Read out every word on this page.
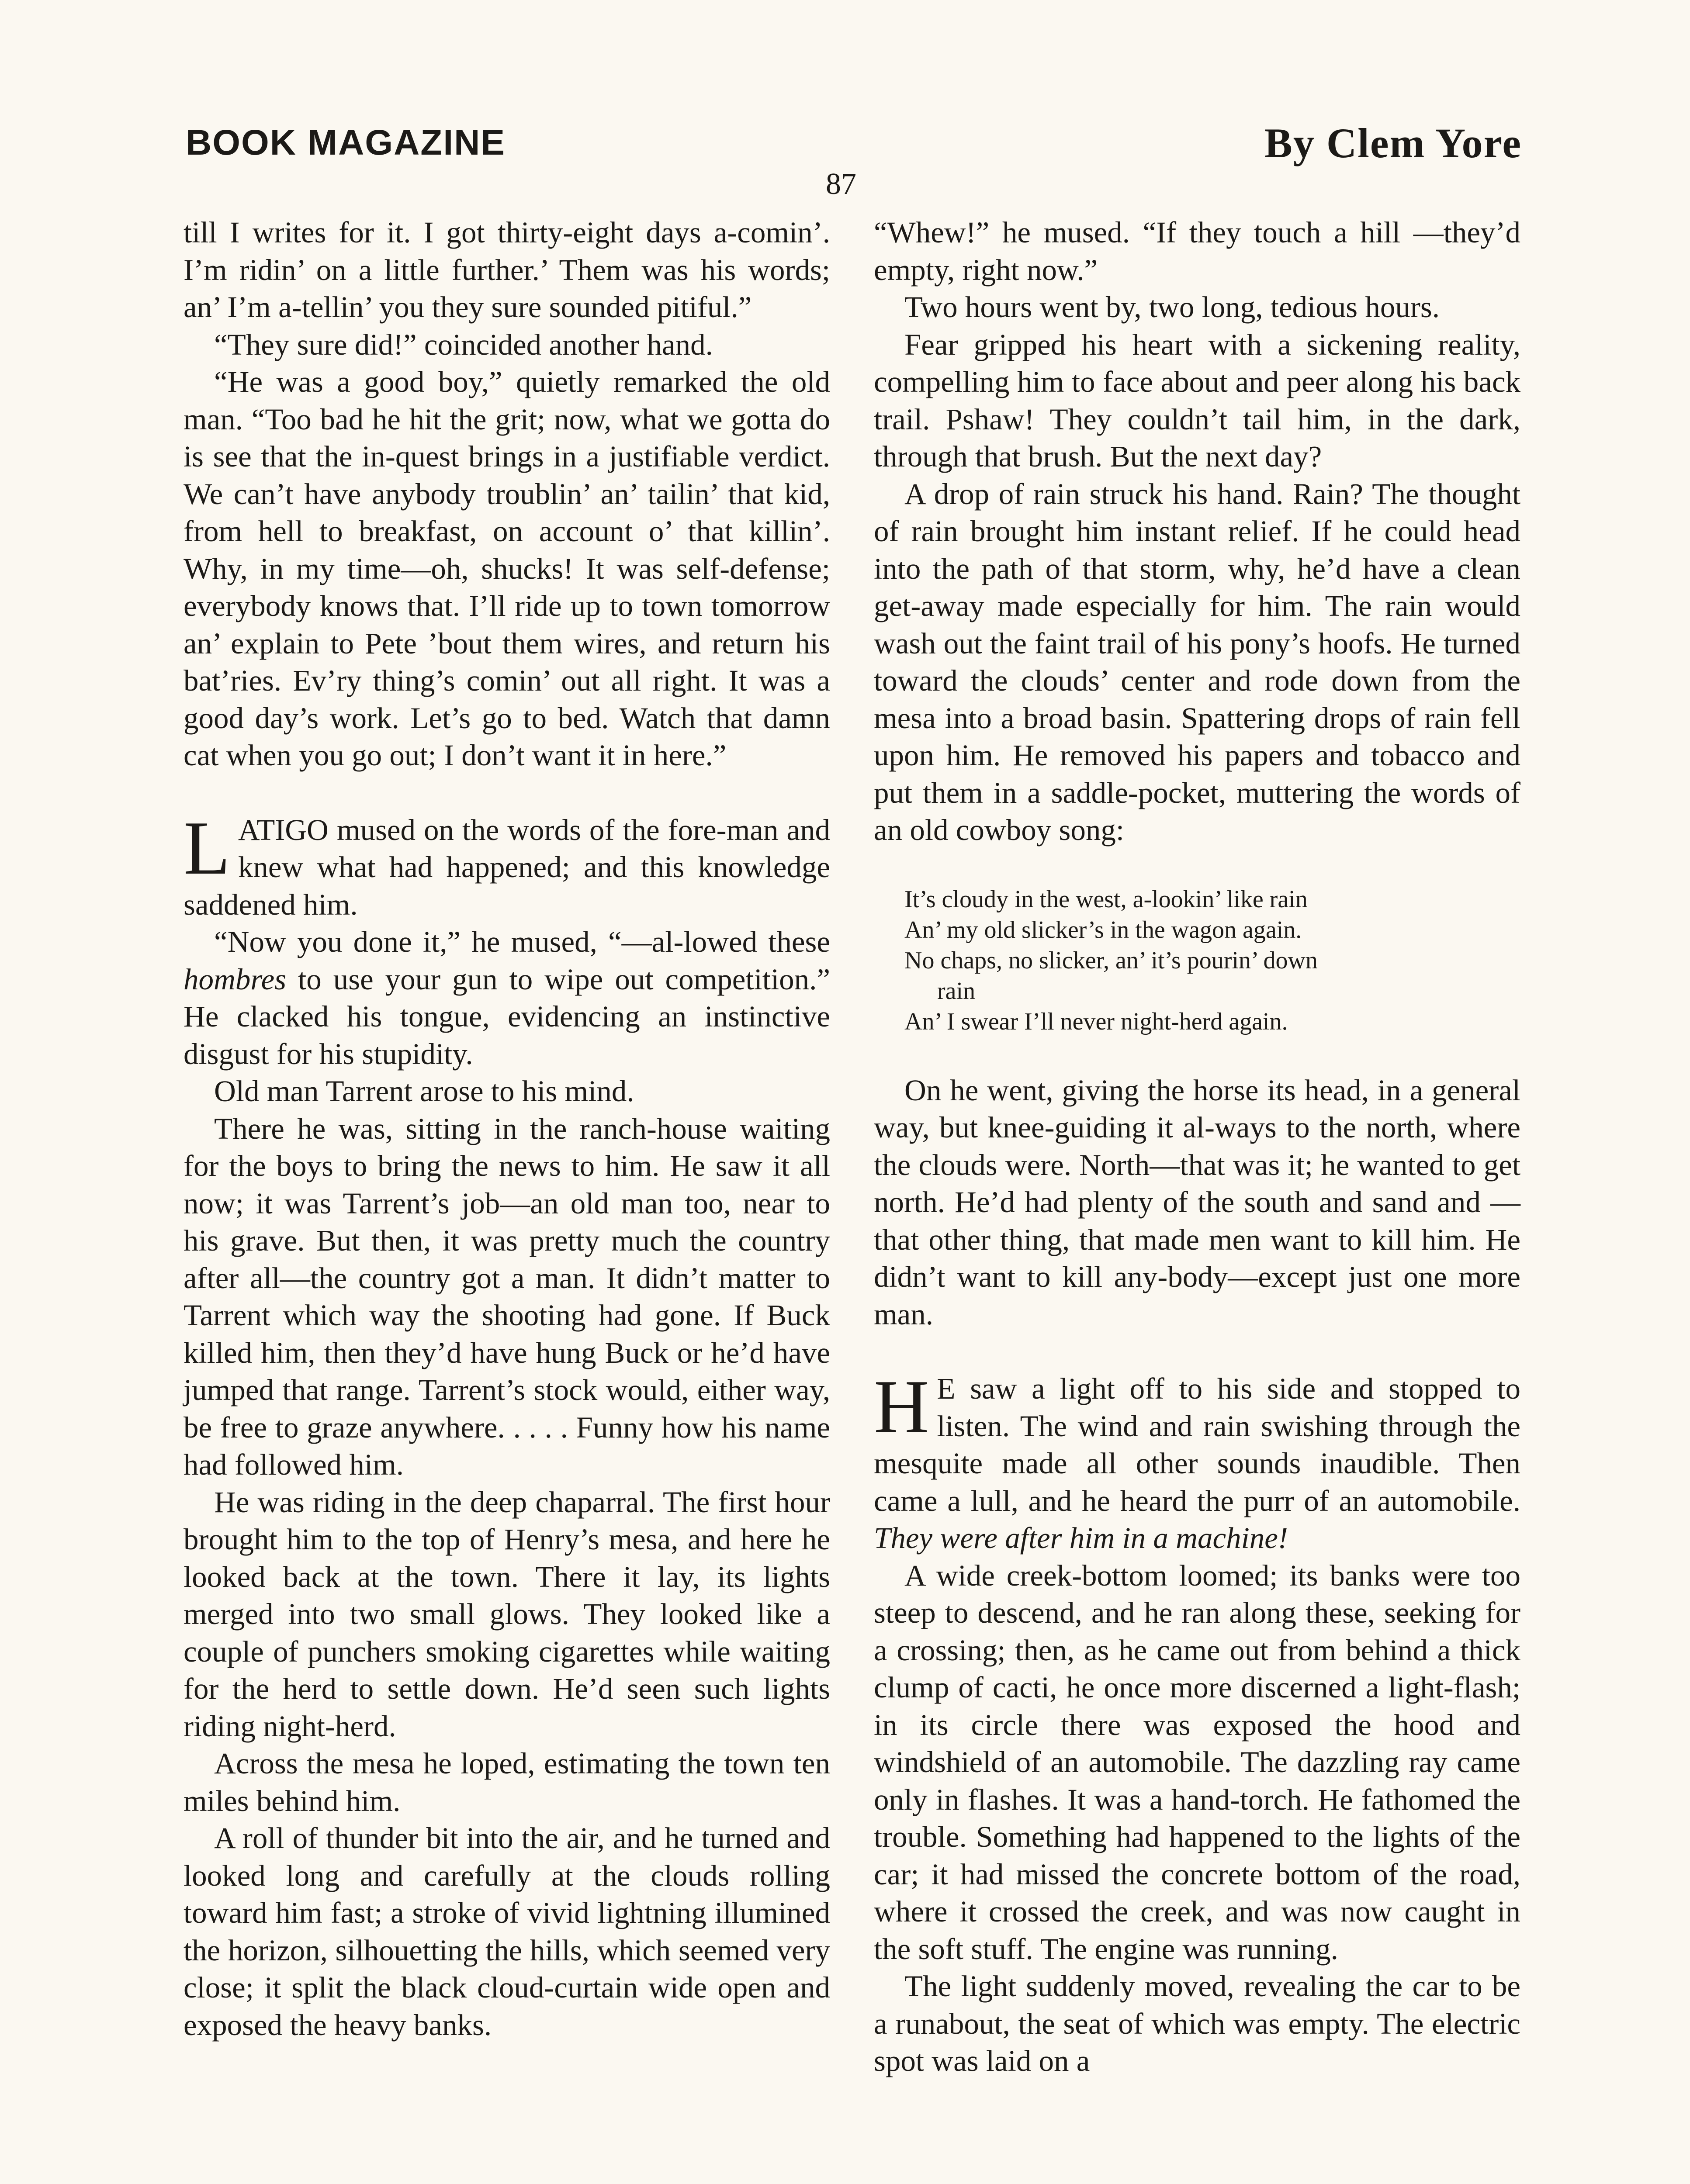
BOOK MAGAZINE
87
By Clem Yore

till I writes for it. I got thirty-eight days a-comin’. I’m ridin’ on a little further.’ Them was his words; an’ I’m a-tellin’ you they sure sounded pitiful.”

“They sure did!” coincided another hand.

“He was a good boy,” quietly remarked the old man. “Too bad he hit the grit; now, what we gotta do is see that the in-quest brings in a justifiable verdict. We can’t have anybody troublin’ an’ tailin’ that kid, from hell to breakfast, on account o’ that killin’. Why, in my time—oh, shucks! It was self-defense; everybody knows that. I’ll ride up to town tomorrow an’ explain to Pete ’bout them wires, and return his bat’ries. Ev’ry thing’s comin’ out all right. It was a good day’s work. Let’s go to bed. Watch that damn cat when you go out; I don’t want it in here.”

LATIGO mused on the words of the fore-man and knew what had happened; and this knowledge saddened him.

“Now you done it,” he mused, “—al-lowed these hombres to use your gun to wipe out competition.” He clacked his tongue, evidencing an instinctive disgust for his stupidity.

Old man Tarrent arose to his mind.

There he was, sitting in the ranch-house waiting for the boys to bring the news to him. He saw it all now; it was Tarrent’s job—an old man too, near to his grave. But then, it was pretty much the country after all—the country got a man. It didn’t matter to Tarrent which way the shooting had gone. If Buck killed him, then they’d have hung Buck or he’d have jumped that range. Tarrent’s stock would, either way, be free to graze anywhere. . . . . Funny how his name had followed him.

He was riding in the deep chaparral. The first hour brought him to the top of Henry’s mesa, and here he looked back at the town. There it lay, its lights merged into two small glows. They looked like a couple of punchers smoking cigarettes while waiting for the herd to settle down. He’d seen such lights riding night-herd.

Across the mesa he loped, estimating the town ten miles behind him.

A roll of thunder bit into the air, and he turned and looked long and carefully at the clouds rolling toward him fast; a stroke of vivid lightning illumined the horizon, silhouetting the hills, which seemed very close; it split the black cloud-curtain wide open and exposed the heavy banks.

“Whew!” he mused. “If they touch a hill —they’d empty, right now.”

Two hours went by, two long, tedious hours.

Fear gripped his heart with a sickening reality, compelling him to face about and peer along his back trail. Pshaw! They couldn’t tail him, in the dark, through that brush. But the next day?

A drop of rain struck his hand. Rain? The thought of rain brought him instant relief. If he could head into the path of that storm, why, he’d have a clean get-away made especially for him. The rain would wash out the faint trail of his pony’s hoofs. He turned toward the clouds’ center and rode down from the mesa into a broad basin. Spattering drops of rain fell upon him. He removed his papers and tobacco and put them in a saddle-pocket, muttering the words of an old cowboy song:

It’s cloudy in the west, a-lookin’ like rain
An’ my old slicker’s in the wagon again.
No chaps, no slicker, an’ it’s pourin’ down
rain
An’ I swear I’ll never night-herd again.

On he went, giving the horse its head, in a general way, but knee-guiding it al-ways to the north, where the clouds were. North—that was it; he wanted to get north. He’d had plenty of the south and sand and —that other thing, that made men want to kill him. He didn’t want to kill any-body—except just one more man.

H E saw a light off to his side and stopped to listen. The wind and rain swishing through the mesquite made all other sounds inaudible. Then came a lull, and he heard the purr of an automobile. They were after him in a machine!

A wide creek-bottom loomed; its banks were too steep to descend, and he ran along these, seeking for a crossing; then, as he came out from behind a thick clump of cacti, he once more discerned a light-flash; in its circle there was exposed the hood and windshield of an automobile. The dazzling ray came only in flashes. It was a hand-torch. He fathomed the trouble. Something had happened to the lights of the car; it had missed the concrete bottom of the road, where it crossed the creek, and was now caught in the soft stuff. The engine was running.

The light suddenly moved, revealing the car to be a runabout, the seat of which was empty. The electric spot was laid on a
